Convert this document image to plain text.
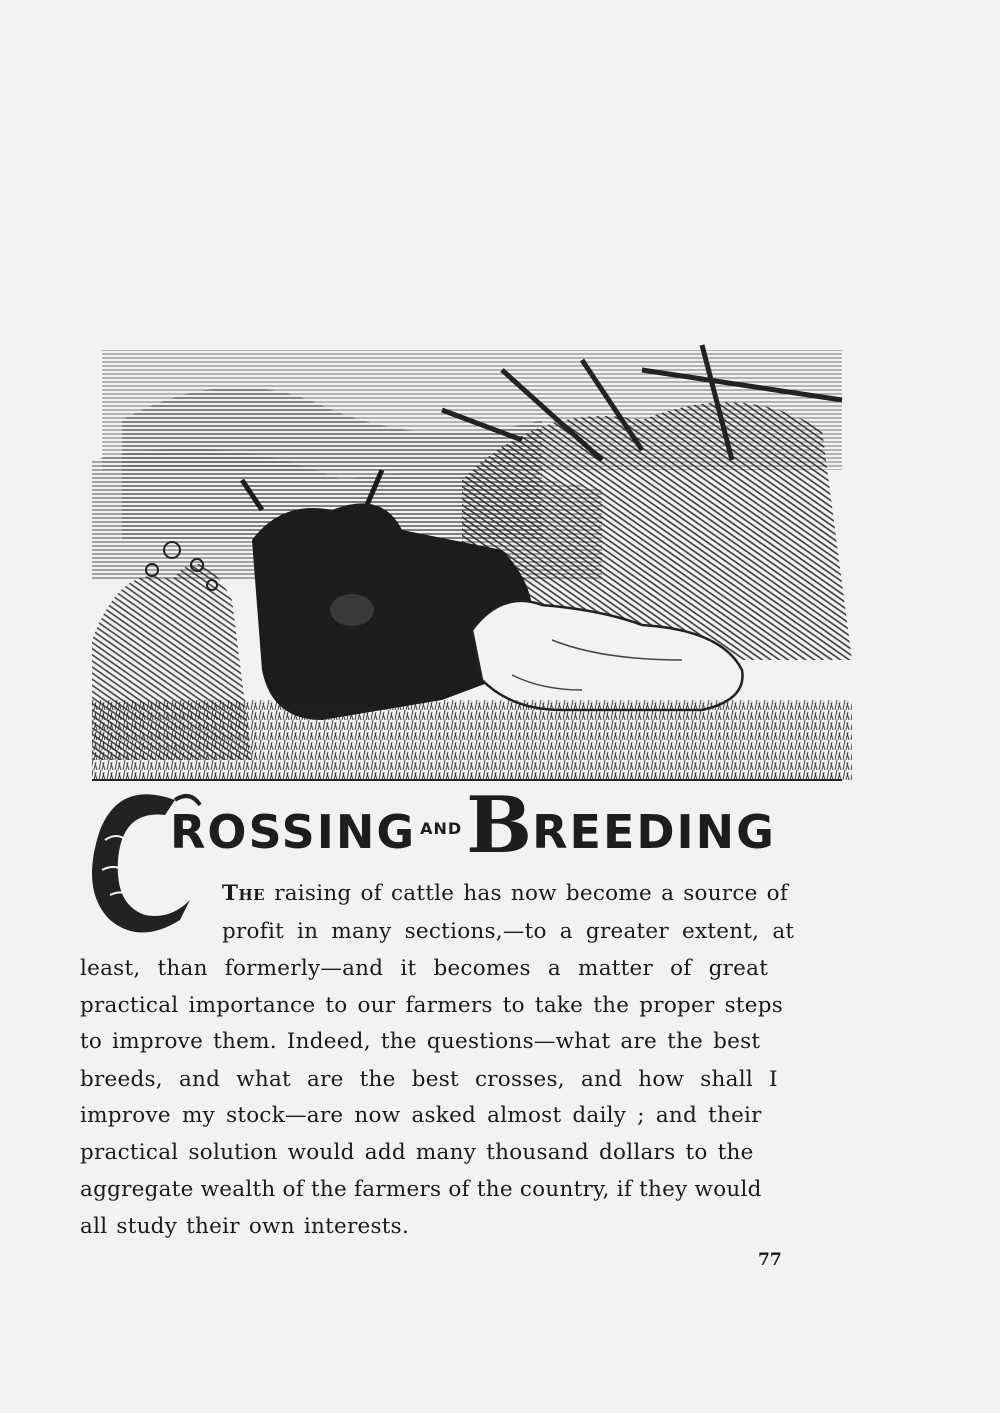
C
ROSSING AND B REEDING
The raising of cattle has now become a source of
profit in many sections,—to a greater extent, at
least, than formerly—and it becomes a matter of great
practical importance to our farmers to take the proper steps
to improve them. Indeed, the questions—what are the best
breeds, and what are the best crosses, and how shall I
improve my stock—are now asked almost daily ; and their
practical solution would add many thousand dollars to the
aggregate wealth of the farmers of the country, if they would
all study their own interests.
77
